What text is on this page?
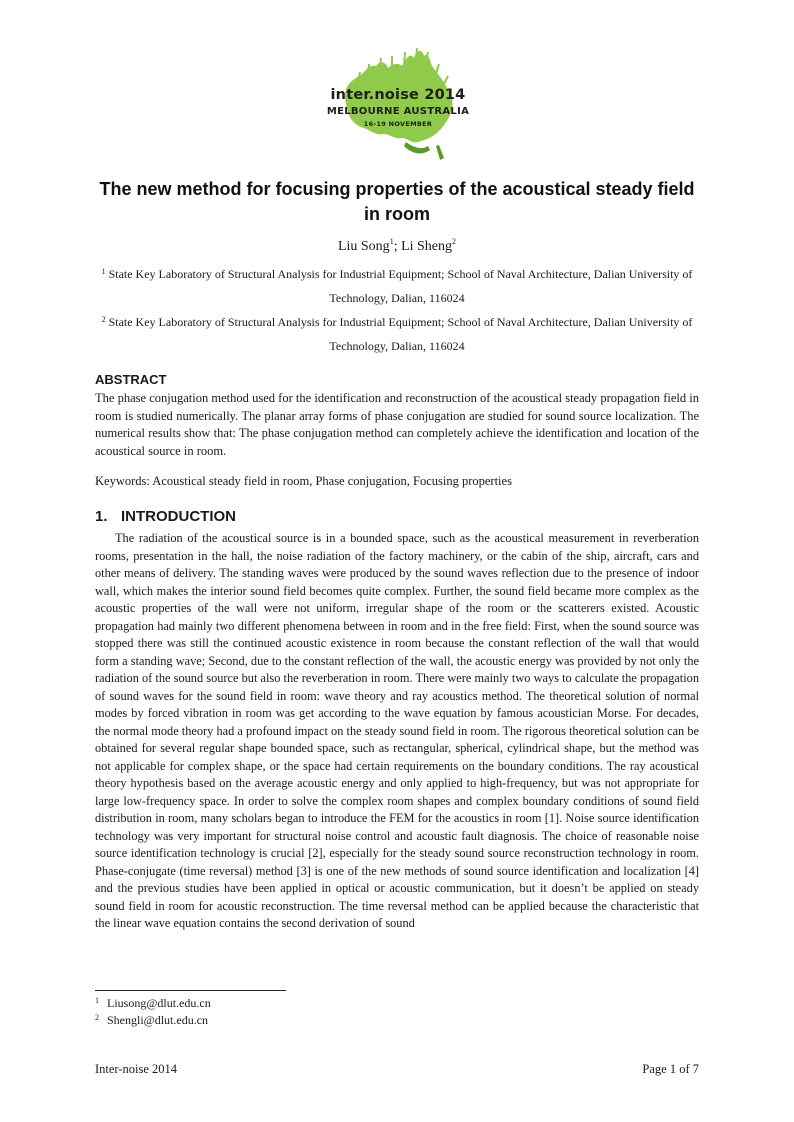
inter.noise 2014
MELBOURNE AUSTRALIA
16-19 NOVEMBER
The new method for focusing properties of the acoustical steady field in room

Liu Song$^1$; Li Sheng$^2$

$^1$ State Key Laboratory of Structural Analysis for Industrial Equipment; School of Naval Architecture, Dalian University of Technology, Dalian, 116024

$^2$ State Key Laboratory of Structural Analysis for Industrial Equipment; School of Naval Architecture, Dalian University of Technology, Dalian, 116024

ABSTRACT

The phase conjugation method used for the identification and reconstruction of the acoustical steady propagation field in room is studied numerically. The planar array forms of phase conjugation are studied for sound source localization. The numerical results show that: The phase conjugation method can completely achieve the identification and location of the acoustical source in room.

Keywords: Acoustical steady field in room, Phase conjugation, Focusing properties

1. INTRODUCTION

The radiation of the acoustical source is in a bounded space, such as the acoustical measurement in reverberation rooms, presentation in the hall, the noise radiation of the factory machinery, or the cabin of the ship, aircraft, cars and other means of delivery. The standing waves were produced by the sound waves reflection due to the presence of indoor wall, which makes the interior sound field becomes quite complex. Further, the sound field became more complex as the acoustic properties of the wall were not uniform, irregular shape of the room or the scatterers existed. Acoustic propagation had mainly two different phenomena between in room and in the free field: First, when the sound source was stopped there was still the continued acoustic existence in room because the constant reflection of the wall that would form a standing wave; Second, due to the constant reflection of the wall, the acoustic energy was provided by not only the radiation of the sound source but also the reverberation in room. There were mainly two ways to calculate the propagation of sound waves for the sound field in room: wave theory and ray acoustics method. The theoretical solution of normal modes by forced vibration in room was get according to the wave equation by famous acoustician Morse. For decades, the normal mode theory had a profound impact on the steady sound field in room. The rigorous theoretical solution can be obtained for several regular shape bounded space, such as rectangular, spherical, cylindrical shape, but the method was not applicable for complex shape, or the space had certain requirements on the boundary conditions. The ray acoustical theory hypothesis based on the average acoustic energy and only applied to high-frequency, but was not appropriate for large low-frequency space. In order to solve the complex room shapes and complex boundary conditions of sound field distribution in room, many scholars began to introduce the FEM for the acoustics in room [1]. Noise source identification technology was very important for structural noise control and acoustic fault diagnosis. The choice of reasonable noise source identification technology is crucial [2], especially for the steady sound source reconstruction technology in room. Phase-conjugate (time reversal) method [3] is one of the new methods of sound source identification and localization [4] and the previous studies have been applied in optical or acoustic communication, but it doesn’t be applied on steady sound field in room for acoustic reconstruction. The time reversal method can be applied because the characteristic that the linear wave equation contains the second derivation of sound

1 Liusong@dlut.edu.cn

2 Shengli@dlut.edu.cn

Inter-noise 2014	Page 1 of 7
